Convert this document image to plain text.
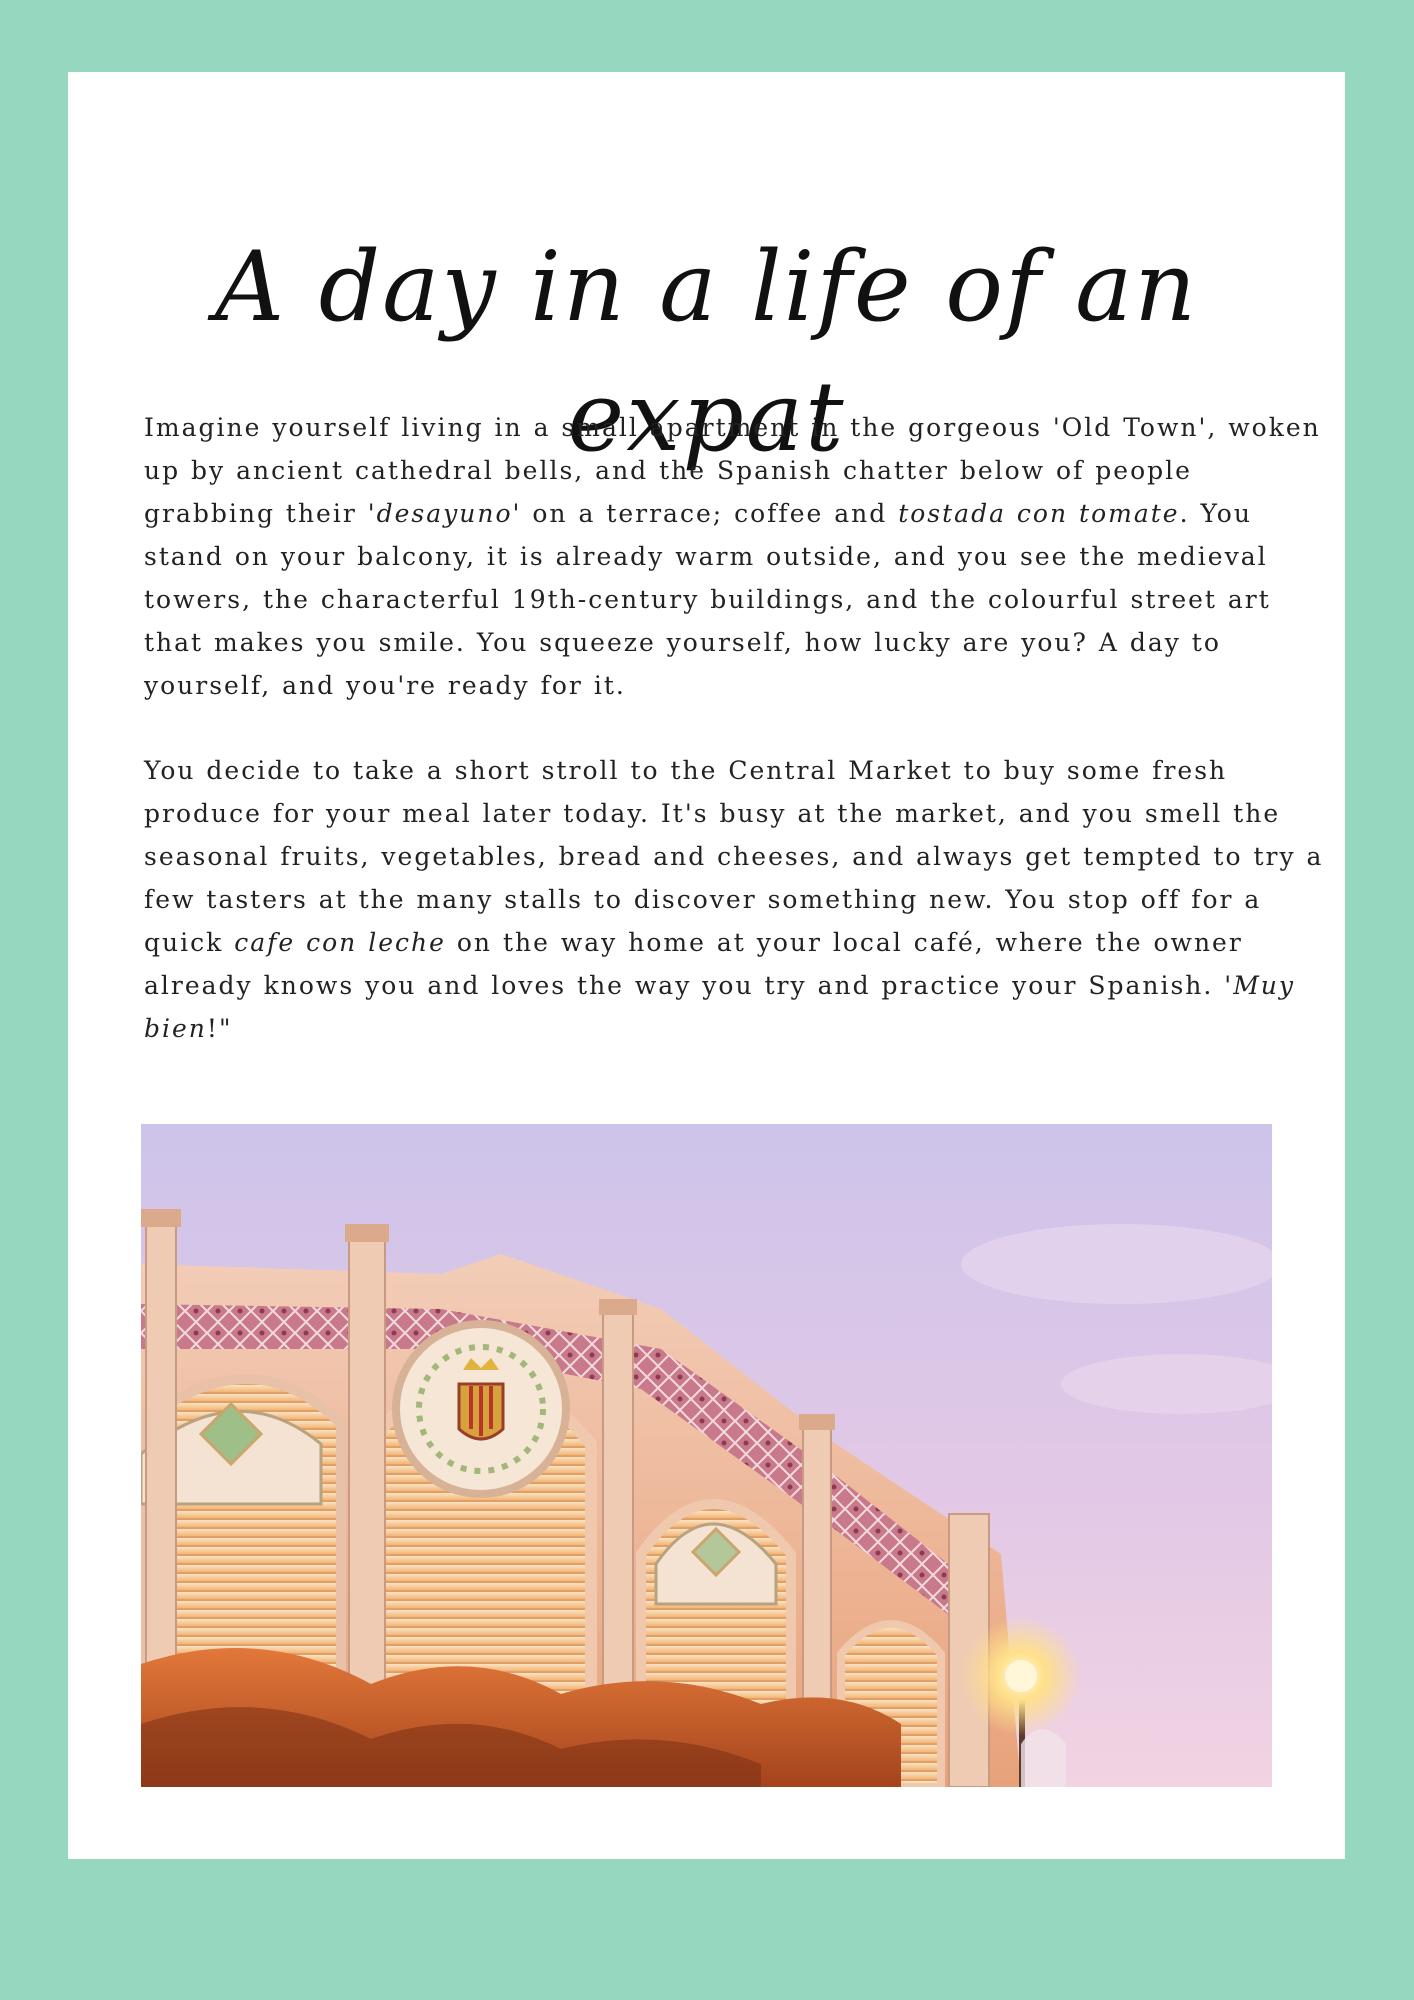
A day in a life of an expat

Imagine yourself living in a small apartment in the gorgeous 'Old Town', woken up by ancient cathedral bells, and the Spanish chatter below of people grabbing their 'desayuno' on a terrace; coffee and tostada con tomate. You stand on your balcony, it is already warm outside, and you see the medieval towers, the characterful 19th-century buildings, and the colourful street art that makes you smile. You squeeze yourself, how lucky are you? A day to yourself, and you're ready for it.

You decide to take a short stroll to the Central Market to buy some fresh produce for your meal later today. It's busy at the market, and you smell the seasonal fruits, vegetables, bread and cheeses, and always get tempted to try a few tasters at the many stalls to discover something new. You stop off for a quick cafe con leche on the way home at your local café, where the owner already knows you and loves the way you try and practice your Spanish. 'Muy bien!"
